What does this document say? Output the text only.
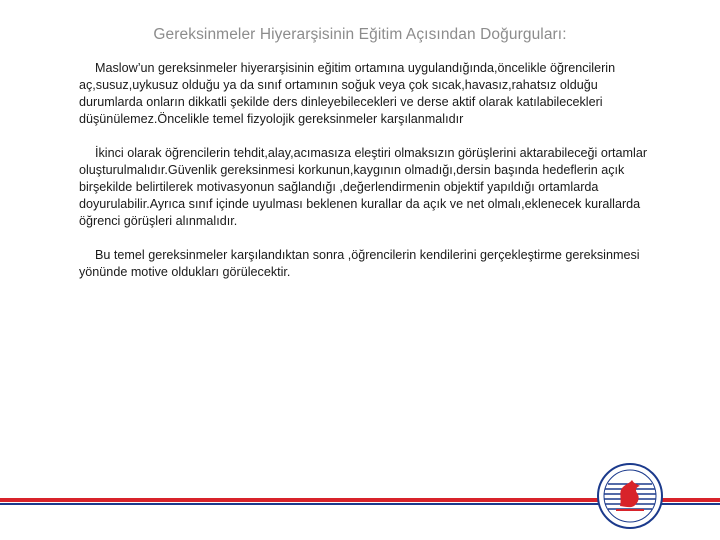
Gereksinmeler Hiyerarşisinin Eğitim Açısından Doğurguları:

Maslow’un gereksinmeler hiyerarşisinin eğitim ortamına uygulandığında,öncelikle öğrencilerin aç,susuz,uykusuz olduğu ya da sınıf ortamının soğuk veya çok sıcak,havasız,rahatsız olduğu durumlarda onların dikkatli şekilde ders dinleyebilecekleri ve derse aktif olarak katılabilecekleri düşünülemez.Öncelikle temel fizyolojik gereksinmeler karşılanmalıdır

İkinci olarak öğrencilerin tehdit,alay,acımasıza eleştiri olmaksızın görüşlerini aktarabileceği ortamlar oluşturulmalıdır.Güvenlik gereksinmesi korkunun,kaygının olmadığı,dersin başında hedeflerin açık birşekilde belirtilerek motivasyonun sağlandığı ,değerlendirmenin objektif yapıldığı ortamlarda doyurulabilir.Ayrıca sınıf içinde uyulması beklenen kurallar da açık ve net olmalı,eklenecek kurallarda öğrenci görüşleri alınmalıdır.

Bu temel gereksinmeler karşılandıktan sonra ,öğrencilerin kendilerini gerçekleştirme gereksinmesi yönünde motive oldukları görülecektir.
